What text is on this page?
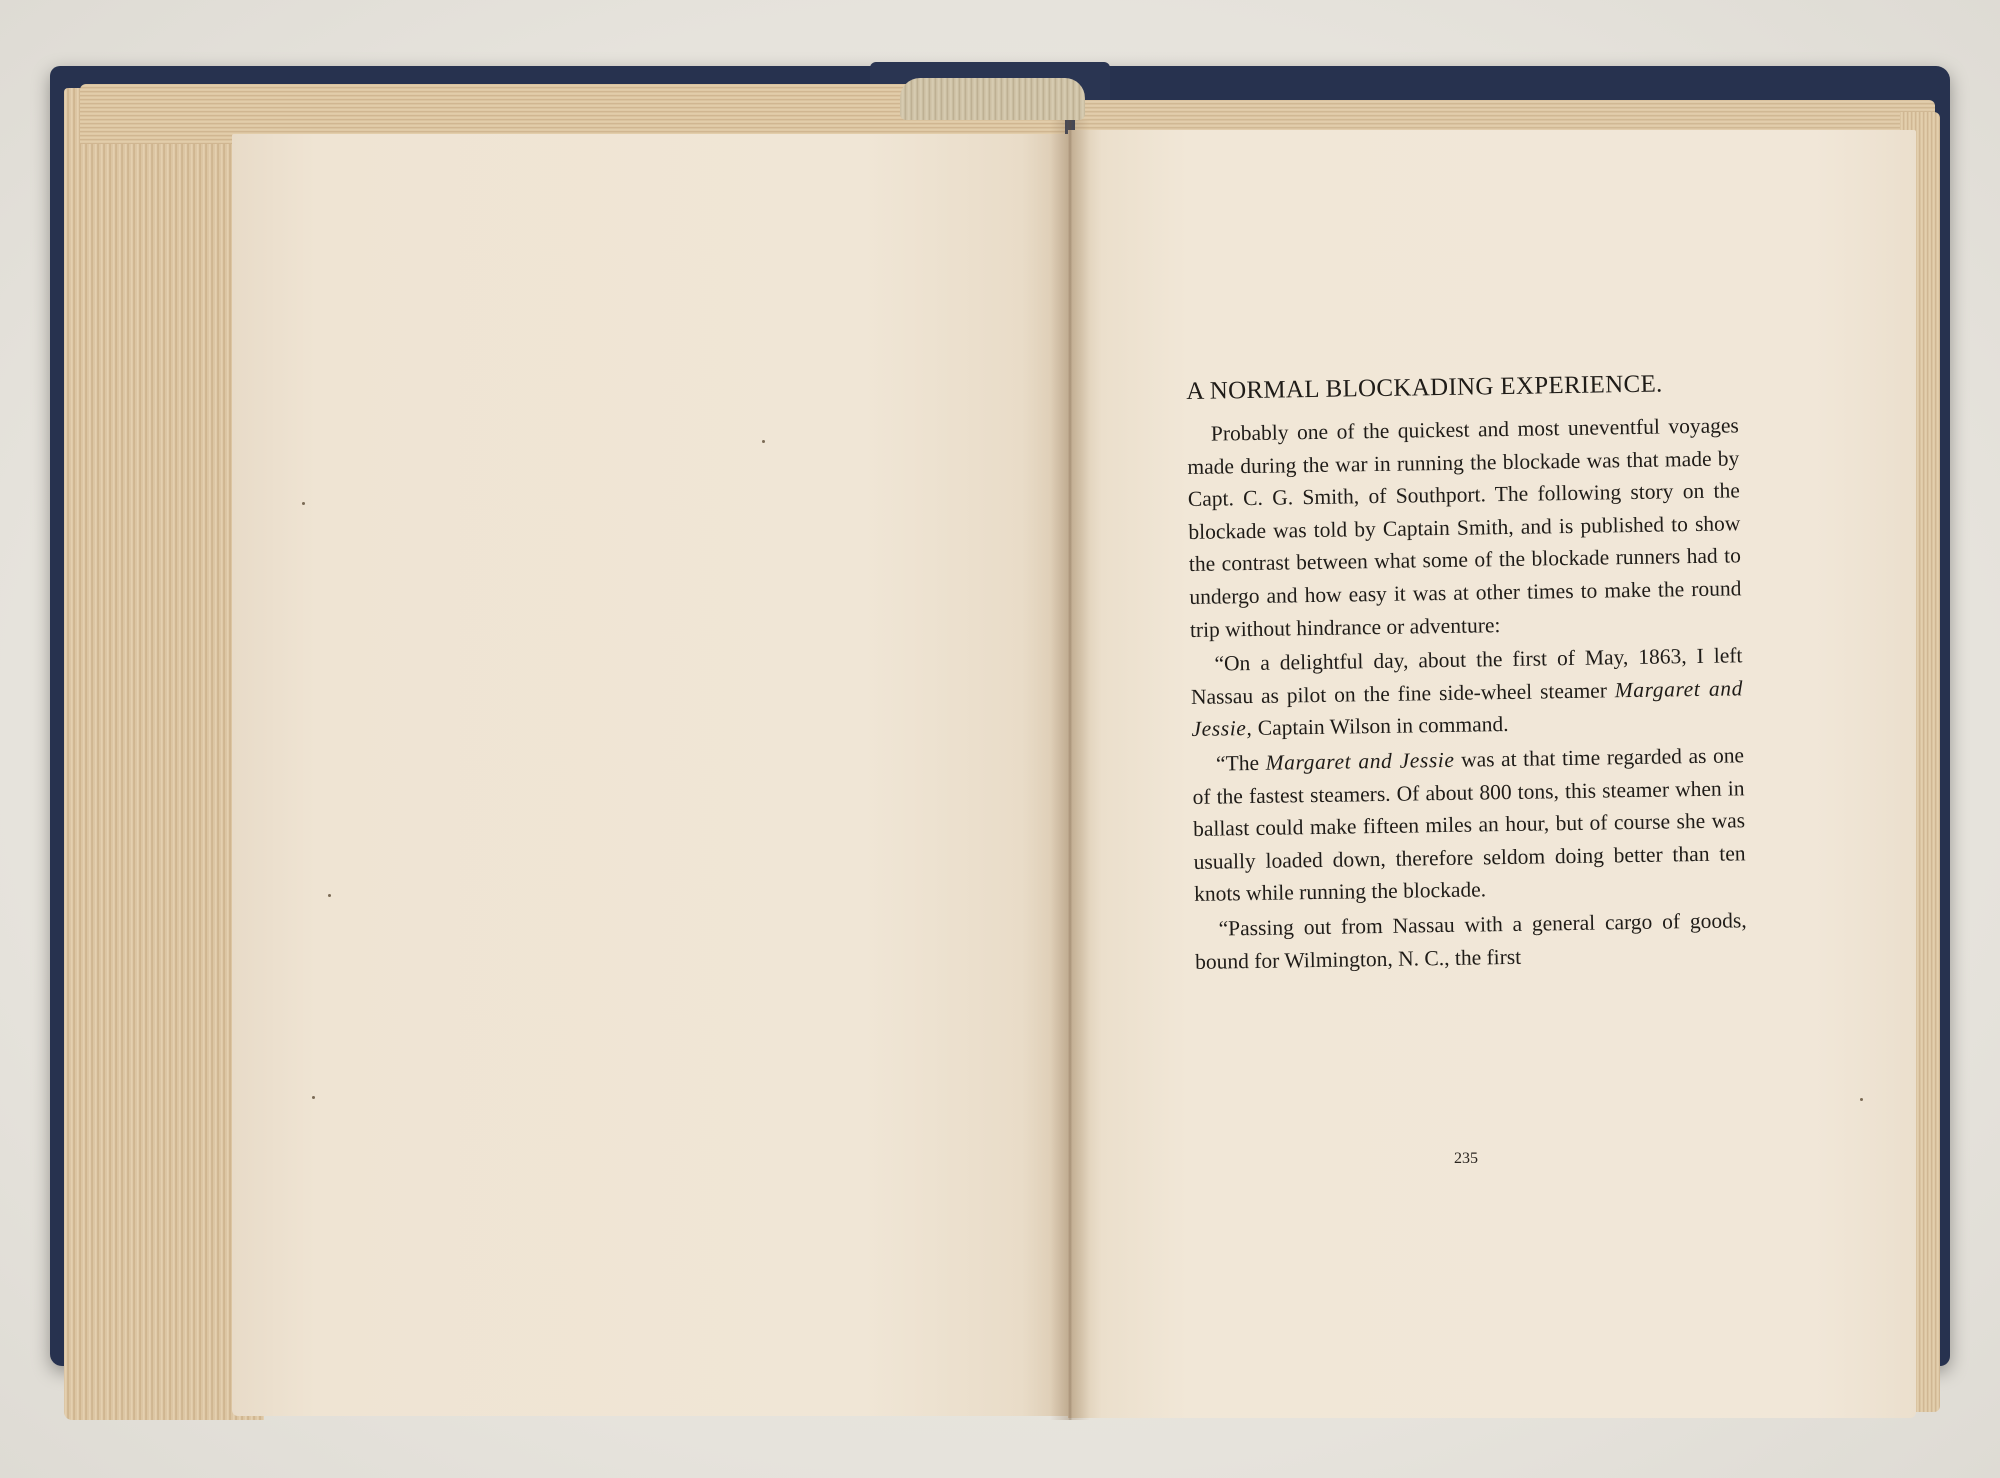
A NORMAL BLOCKADING EXPERIENCE.
Probably one of the quickest and most uneventful voyages made during the war in running the blockade was that made by Capt. C. G. Smith, of Southport. The following story on the blockade was told by Captain Smith, and is published to show the contrast between what some of the blockade runners had to undergo and how easy it was at other times to make the round trip without hindrance or adventure:
“On a delightful day, about the first of May, 1863, I left Nassau as pilot on the fine side-wheel steamer Margaret and Jessie, Captain Wilson in command.
“The Margaret and Jessie was at that time regarded as one of the fastest steamers. Of about 800 tons, this steamer when in ballast could make fifteen miles an hour, but of course she was usually loaded down, therefore seldom doing better than ten knots while running the blockade.
“Passing out from Nassau with a general cargo of goods, bound for Wilmington, N. C., the first
235
